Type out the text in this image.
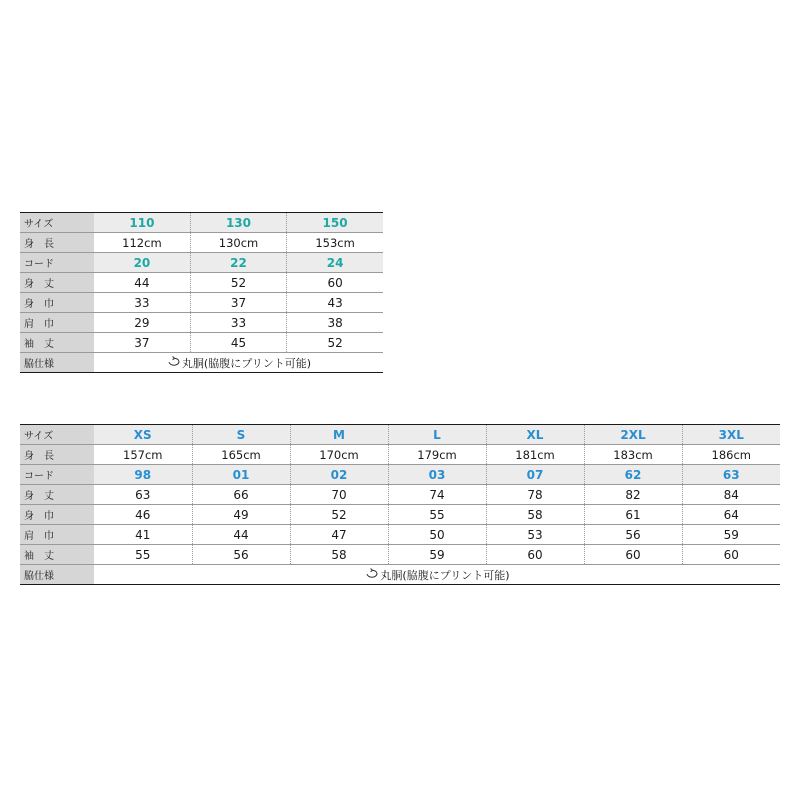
サイズ	110	130	150
身　長	112cm	130cm	153cm
コード	20	22	24
身　丈	44	52	60
身　巾	33	37	43
肩　巾	29	33	38
袖　丈	37	45	52
脇仕様	丸胴(脇腹にプリント可能)		
サイズ	XS	S	M	L	XL	2XL	3XL
身　長	157cm	165cm	170cm	179cm	181cm	183cm	186cm
コード	98	01	02	03	07	62	63
身　丈	63	66	70	74	78	82	84
身　巾	46	49	52	55	58	61	64
肩　巾	41	44	47	50	53	56	59
袖　丈	55	56	58	59	60	60	60
脇仕様	丸胴(脇腹にプリント可能)						
